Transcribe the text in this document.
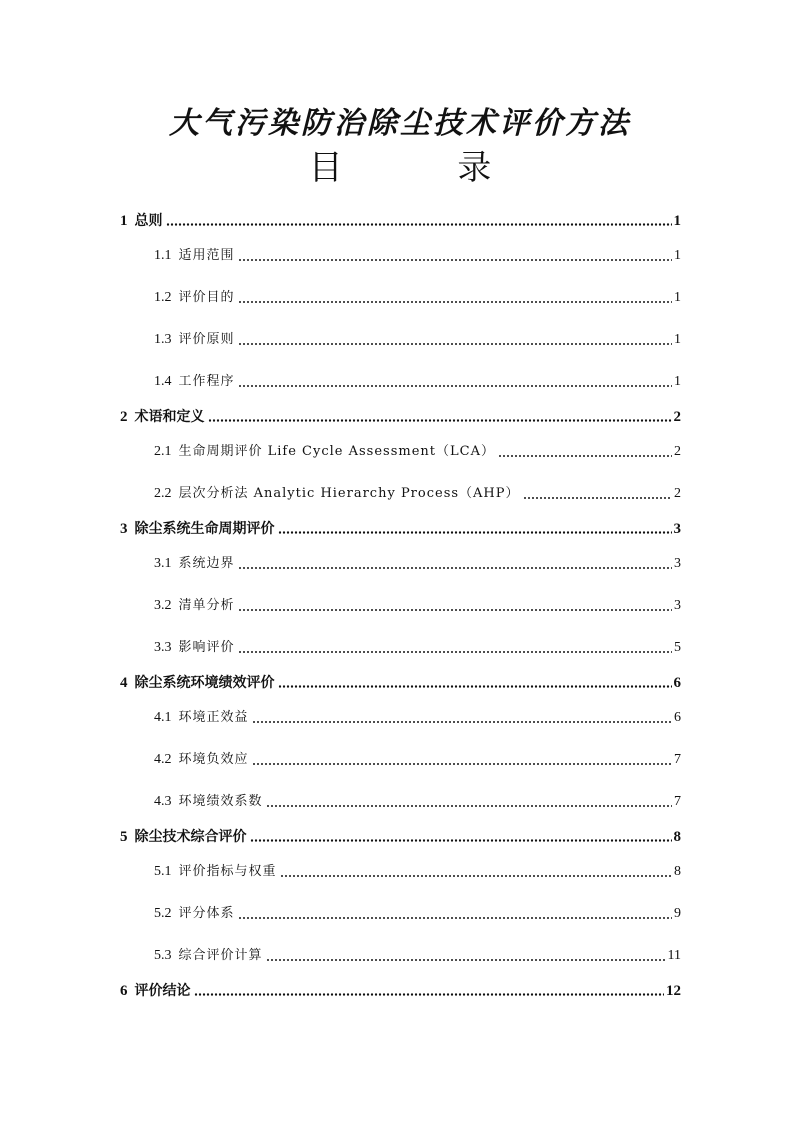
大气污染防治除尘技术评价方法
目 录
1 总则	1
1.1 适用范围	1
1.2 评价目的	1
1.3 评价原则	1
1.4 工作程序	1
2 术语和定义	2
2.1 生命周期评价 Life Cycle Assessment（LCA）	2
2.2 层次分析法 Analytic Hierarchy Process（AHP）	2
3 除尘系统生命周期评价	3
3.1 系统边界	3
3.2 清单分析	3
3.3 影响评价	5
4 除尘系统环境绩效评价	6
4.1 环境正效益	6
4.2 环境负效应	7
4.3 环境绩效系数	7
5 除尘技术综合评价	8
5.1 评价指标与权重	8
5.2 评分体系	9
5.3 综合评价计算	11
6 评价结论	12
